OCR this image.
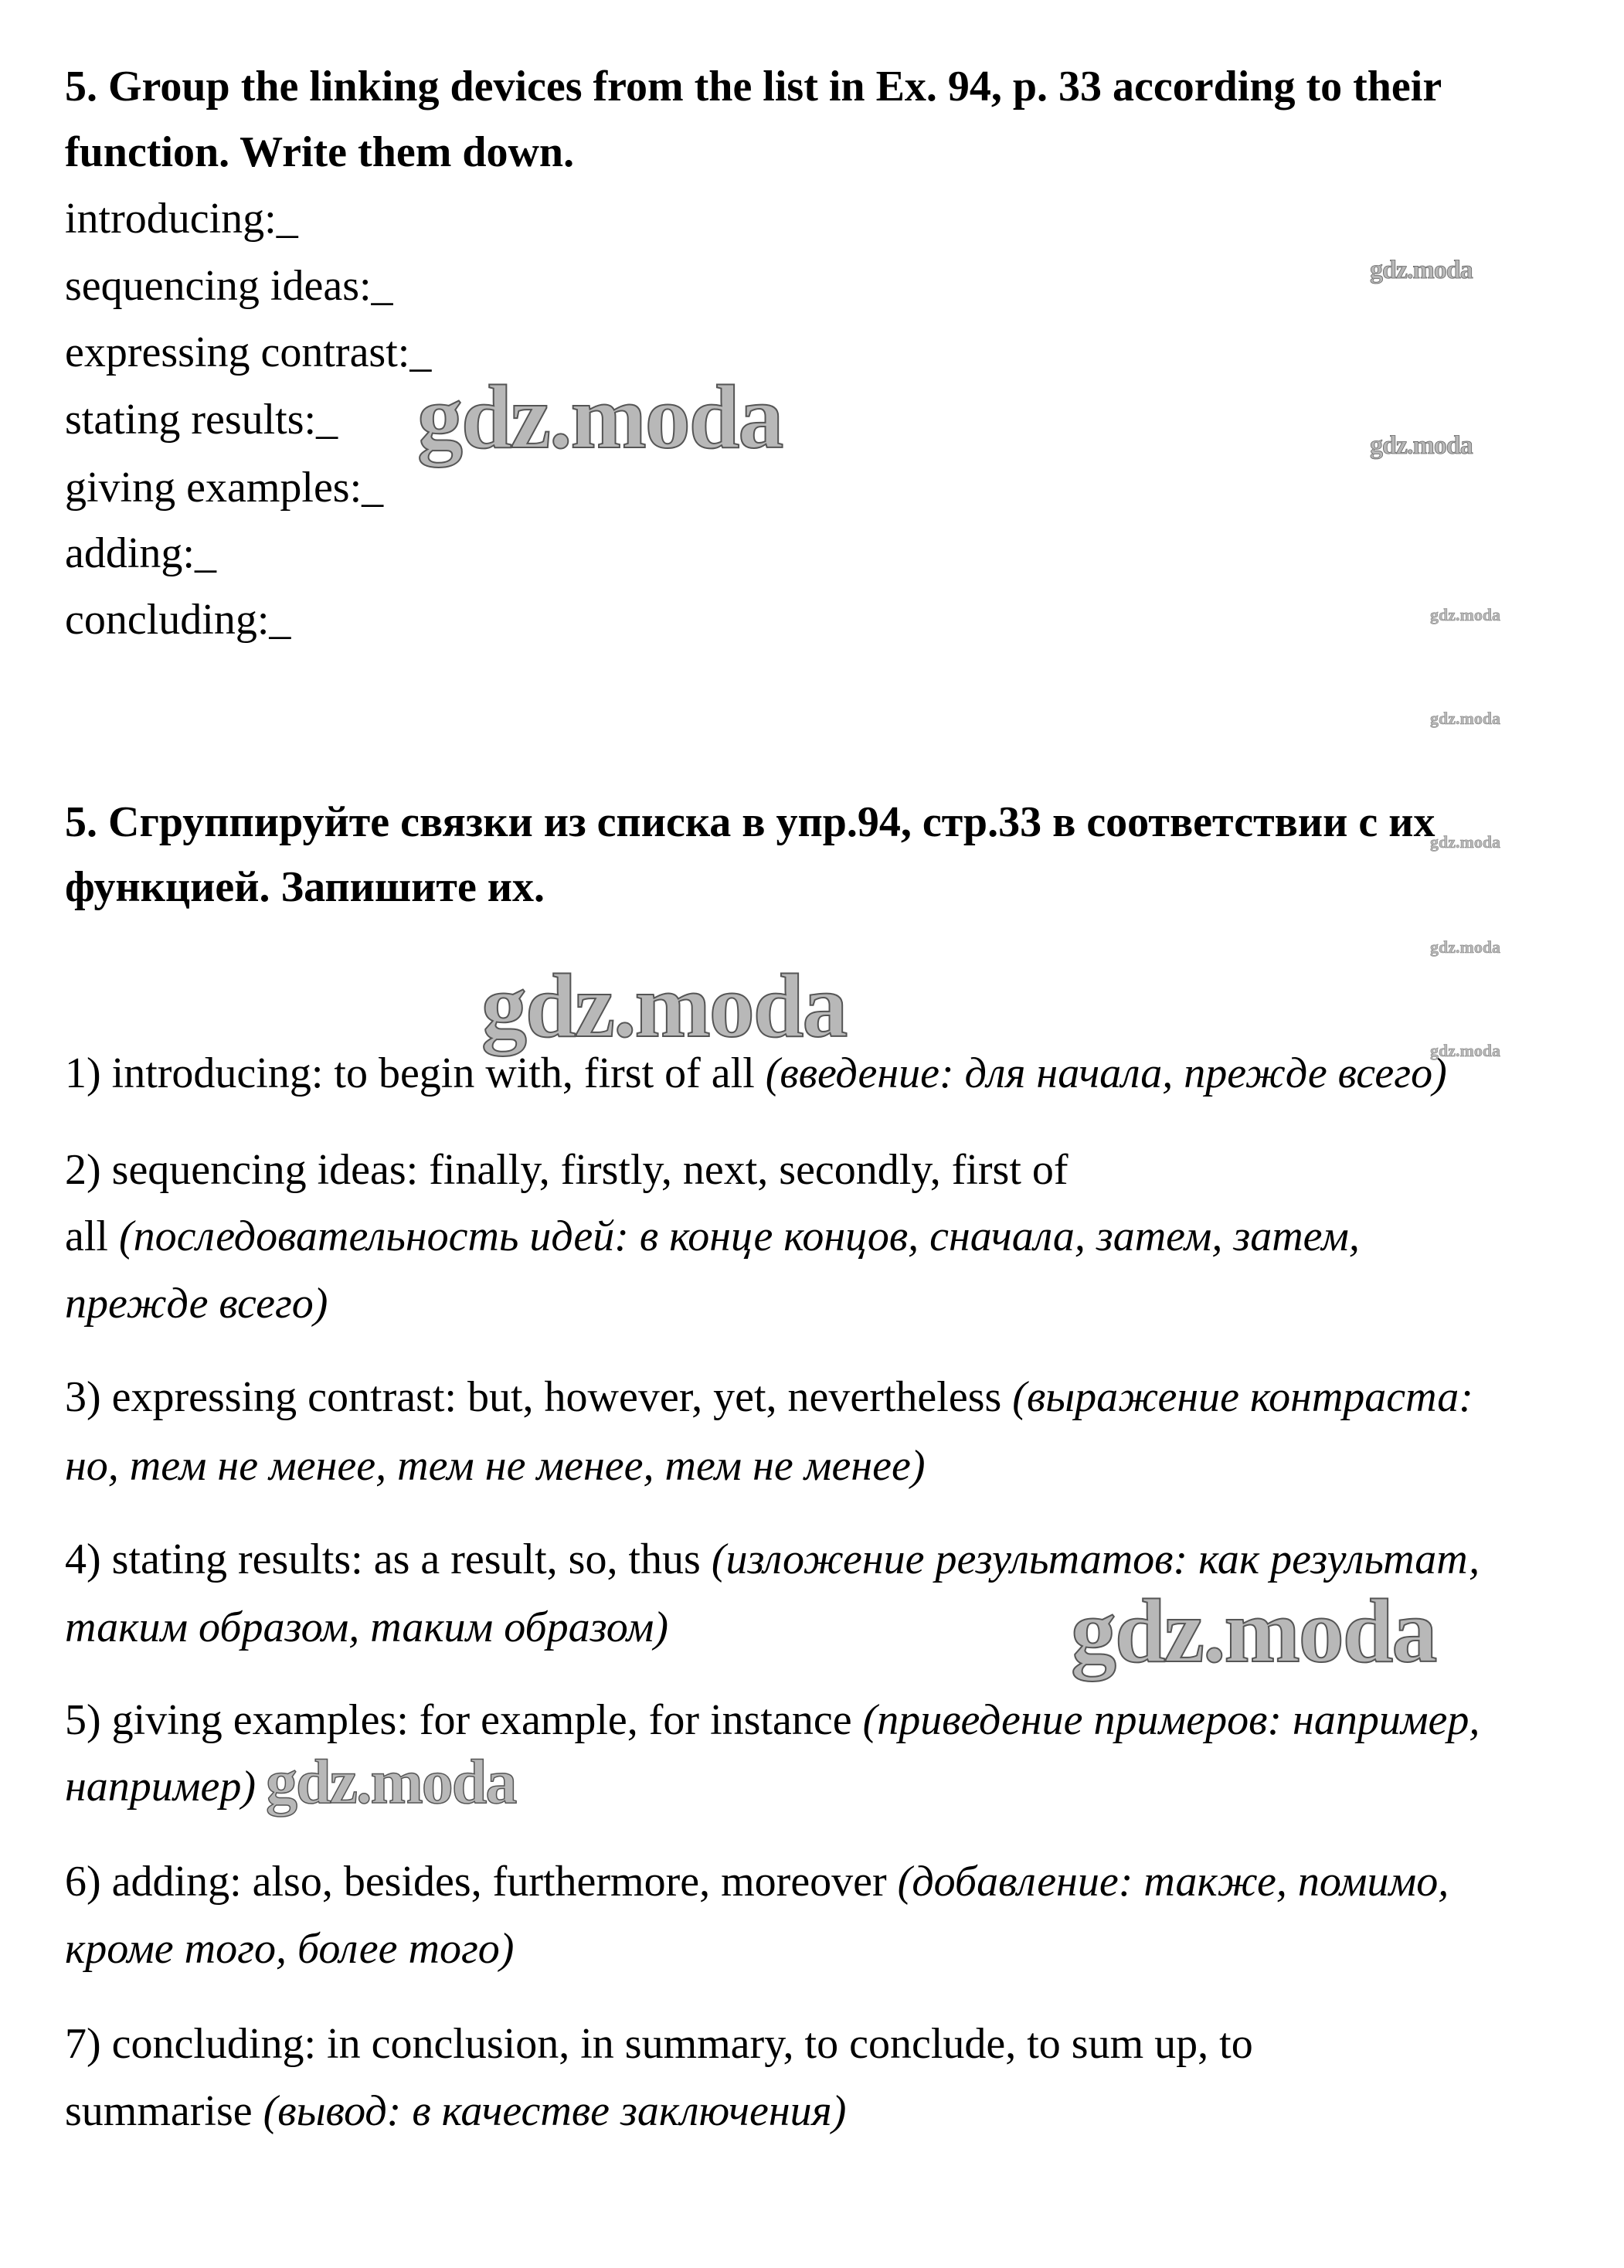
5. Group the linking devices from the list in Ex. 94, p. 33 according to their
function. Write them down.
introducing:_
sequencing ideas:_
expressing contrast:_
stating results:_
giving examples:_
adding:_
concluding:_
5. Сгруппируйте связки из списка в упр.94, стр.33 в соответствии с их
функцией. Запишите их.
1) introducing: to begin with, first of all (введение: для начала, прежде всего)
2) sequencing ideas: finally, firstly, next, secondly, first of
all (последовательность идей: в конце концов, сначала, затем, затем,
прежде всего)
3) expressing contrast: but, however, yet, nevertheless (выражение контраста:
но, тем не менее, тем не менее, тем не менее)
4) stating results: as a result, so, thus (изложение результатов: как результат,
таким образом, таким образом)
5) giving examples: for example, for instance (приведение примеров: например,
например)
6) adding: also, besides, furthermore, moreover (добавление: также, помимо,
кроме того, более того)
7) concluding: in conclusion, in summary, to conclude, to sum up, to
summarise (вывод: в качестве заключения)
gdz.moda
gdz.moda
gdz.moda
gdz.moda
gdz.moda
gdz.moda
gdz.moda
gdz.moda
gdz.moda
gdz.moda
gdz.moda
